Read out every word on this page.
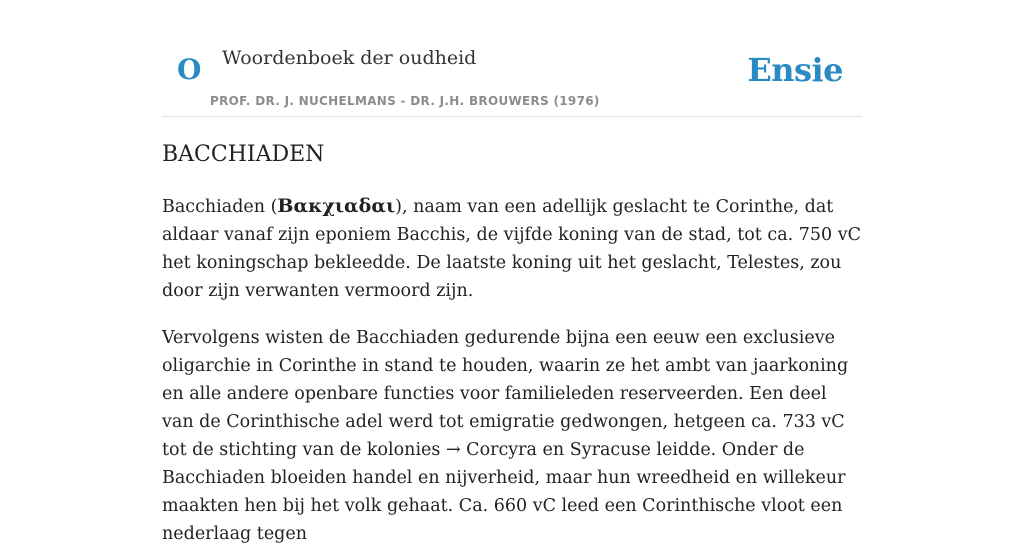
O Woordenboek der oudheid
PROF. DR. J. NUCHELMANS - DR. J.H. BROUWERS (1976)
Ensie
BACCHIADEN

Bacchiaden (Βακχιαδαι), naam van een adellijk geslacht te Corinthe, dat aldaar vanaf zijn eponiem Bacchis, de vijfde koning van de stad, tot ca. 750 vC het koningschap bekleedde. De laatste koning uit het geslacht, Telestes, zou door zijn verwanten vermoord zijn.

Vervolgens wisten de Bacchiaden gedurende bijna een eeuw een exclusieve oligarchie in Corinthe in stand te houden, waarin ze het ambt van jaarkoning en alle andere openbare functies voor familieleden reserveerden. Een deel van de Corinthische adel werd tot emigratie gedwongen, hetgeen ca. 733 vC tot de stichting van de kolonies → Corcyra en Syracuse leidde. Onder de Bacchiaden bloeiden handel en nijverheid, maar hun wreedheid en willekeur maakten hen bij het volk gehaat. Ca. 660 vC leed een Corinthische vloot een nederlaag tegen
